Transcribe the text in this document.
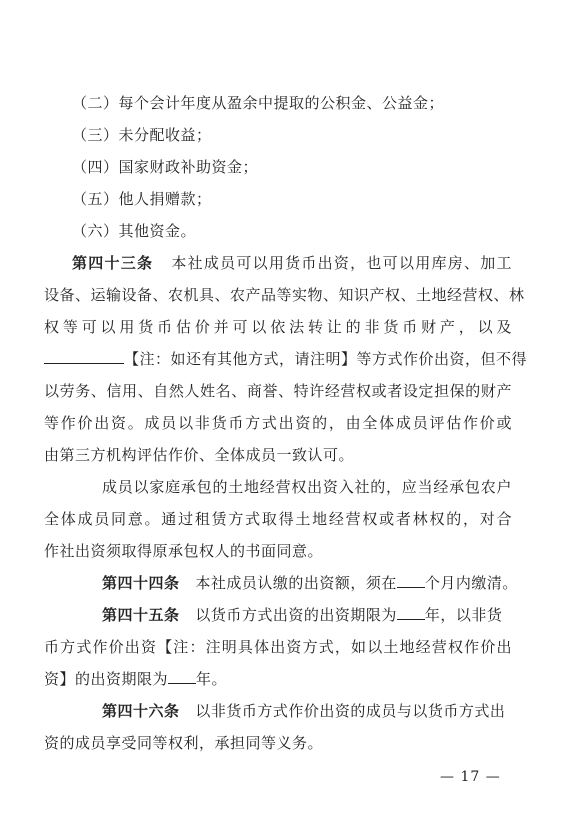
（二）每个会计年度从盈余中提取的公积金、公益金；
（三）未分配收益；
（四）国家财政补助资金；
（五）他人捐赠款；
（六）其他资金。
第四十三条 本社成员可以用货币出资，也可以用库房、加工
设备、运输设备、农机具、农产品等实物、知识产权、土地经营权、林
权等可以用货币估价并可以依法转让的非货币财产，以及
【注：如还有其他方式，请注明】等方式作价出资，但不得
以劳务、信用、自然人姓名、商誉、特许经营权或者设定担保的财产
等作价出资。成员以非货币方式出资的，由全体成员评估作价或
由第三方机构评估作价、全体成员一致认可。
成员以家庭承包的土地经营权出资入社的，应当经承包农户
全体成员同意。通过租赁方式取得土地经营权或者林权的，对合
作社出资须取得原承包权人的书面同意。
第四十四条 本社成员认缴的出资额，须在 个月内缴清。
第四十五条 以货币方式出资的出资期限为 年，以非货
币方式作价出资【注：注明具体出资方式，如以土地经营权作价出
资】的出资期限为 年。
第四十六条 以非货币方式作价出资的成员与以货币方式出
资的成员享受同等权利，承担同等义务。
— 17 —
